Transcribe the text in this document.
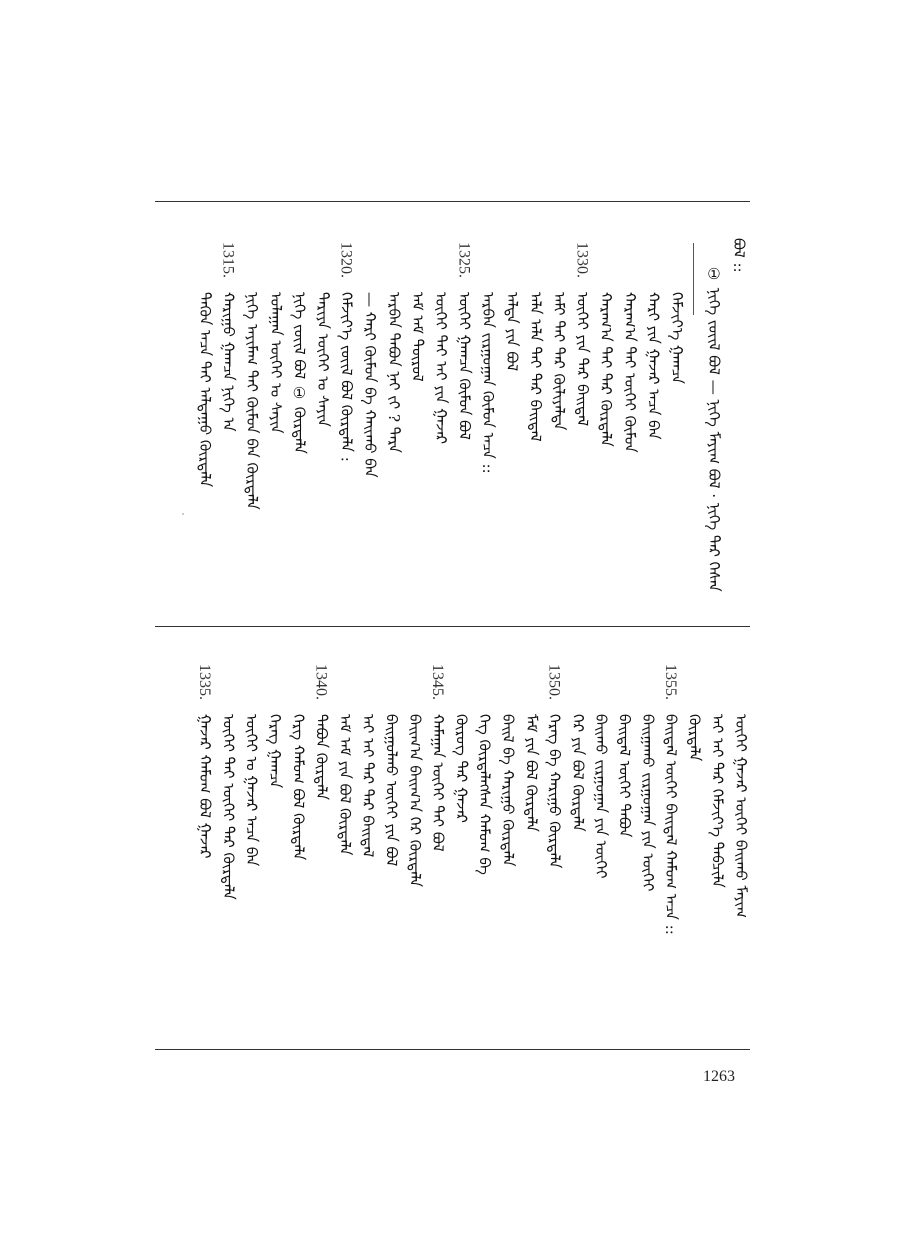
ᠪᠣᠯ ::
① ᠨᠢᠭᠡ ᠵᠦᠢᠯ ᠪᠣᠯ — ᠨᠢᠭᠡ ᠮᠠᠶᠢᠭ ᠪᠣᠯ · ᠨᠢᠭᠡ ᠲᠡᠷ ᠭᠡᠰᠡᠨ
ᠬᠡᠮᠵᠢᠶ᠎ᠡ ᠭᠠᠭᠴᠠ
ᠬᠠᠷᠢ ᠶᠢᠨ ᠭᠠᠵᠠᠷ ᠠᠴᠠ ᠪᠡᠨ
ᠬᠠᠷᠠᠭ᠎ᠠ ᠲᠡᠶ ᠦᠭᠡᠶ ᠬᠦᠮᠦᠨ
ᠬᠠᠷᠠᠭ᠎ᠠ ᠲᠡᠶ ᠲᠡᠷ ᠬᠦᠷᠲᠡᠯᠡ
ᠦᠭᠡᠢ ᠶᠢᠨ ᠲᠡᠷ ᠪᠠᠢᠳᠠᠯ
1330.
ᠠᠮᠢ ᠲᠡᠶ ᠲᠡᠷ ᠬᠦᠯᠢᠶᠡᠯᠲᠡ
ᠠᠯᠠ ᠠᠯᠠ ᠲᠡᠶ ᠲᠡᠷ ᠪᠠᠢᠳᠠᠯ
ᠠᠯᠳᠠ ᠶᠢᠨ ᠪᠣᠯ
ᠠᠷᠪᠠᠨ ᠵᠢᠷᠭᠤᠭᠠᠨ ᠬᠦᠮᠦᠨ ᠠᠴᠠ ::
ᠦᠭᠡᠢ ᠭᠠᠭᠴᠠ ᠬᠦᠮᠦᠨ ᠪᠣᠯ
1325.
ᠦᠭᠡᠢ ᠲᠡᠶ ᠠᠶ ᠶᠢᠨ ᠭᠠᠵᠠᠷ
ᠠᠮ ᠠᠮ ᠲᠦᠷᠦᠯ
ᠠᠷᠪᠠᠨ ᠲᠠᠪᠤᠨ ᠨᠠᠢ ᠵᠢ ? ᠳᠠᠷᠠ
— ᠬᠠᠷᠢ ᠬᠦᠮᠦᠨ ᠪᠠ ᠬᠠᠢᠬᠤ ᠪᠡᠨ
ᠬᠡᠮᠵᠢᠶ᠎ᠡ ᠵᠦᠢᠯ ᠪᠣᠯ ᠬᠦᠷᠲᠡᠯᠡ :
1320.
ᠲᠠᠷᠢᠶᠠ ᠦᠭᠡᠶ ᠤ ᠰᠠᠶᠢᠨ
ᠨᠢᠭᠡ ᠵᠦᠢᠯ ᠪᠣᠯ ① ᠬᠦᠷᠲᠡᠯᠡ
ᠤᠯᠠᠭᠠᠨ ᠦᠭᠡᠶ ᠤ ᠰᠠᠶᠢᠨ
ᠨᠢᠭᠡ ᠠᠶᠢᠮᠠᠭ ᠲᠡᠶ ᠬᠦᠮᠦᠨ ᠪᠠᠨ ᠬᠦᠷᠲᠡᠯᠡ
ᠬᠠᠷᠢᠭᠤ ᠭᠠᠭᠴᠠ ᠨᠢᠭᠡ ᠠ
1315.
ᠲᠡᠭᠦᠨ ᠠᠴᠠ ᠲᠡᠶ ᠠᠯᠳᠠᠭᠤ ᠬᠦᠷᠲᠡᠯᠡ
ᠦᠭᠡᠢ ᠭᠠᠵᠠᠷ ᠦᠭᠡᠢ ᠪᠠᠢᠬᠤ ᠮᠠᠶᠢᠭ
ᠠᠢ ᠠᠢ ᠲᠡᠷ ᠬᠡᠮᠵᠢᠶ᠎ᠡ ᠲᠡᠪᠴᠢᠯᠡ
ᠬᠦᠷᠲᠡᠯᠡ
ᠪᠠᠢᠳᠠᠯ ᠦᠭᠡᠢ ᠪᠠᠢᠳᠠᠯ ᠬᠠᠮᠤᠭ ᠠᠴᠠ ::
1355.
ᠪᠠᠢᠭᠠᠬᠤ ᠵᠢᠷᠭᠤᠭᠠᠨ ᠶᠢᠨ ᠦᠭᠡᠶ
ᠪᠠᠢᠳᠠᠯ ᠦᠭᠡᠢ ᠲᠠᠪᠤᠨ
ᠪᠠᠢᠬᠤ ᠵᠢᠷᠭᠤᠭᠠᠨ ᠶᠢᠨ ᠦᠭᠡᠢ
ᠬᠡᠷ ᠶᠢᠨ ᠪᠣᠯ ᠬᠦᠷᠲᠡᠯᠡ
ᠬᠡᠷᠡᠭ ᠪᠠ ᠬᠠᠷᠢᠭᠤ ᠬᠦᠷᠲᠡᠯᠡ
1350.
ᠮᠠᠮ ᠶᠢᠨ ᠪᠣᠯ ᠬᠦᠷᠲᠡᠯᠡ
ᠪᠠᠢᠯ ᠪᠠ ᠬᠠᠷᠢᠭᠤ ᠬᠦᠷᠲᠡᠯᠡ
ᠬᠡᠭ ᠬᠦᠷᠲᠡᠯᠡᠭᠰᠡᠨ ᠬᠠᠮᠤᠭ ᠪᠠ
ᠬᠦᠷᠦᠭ ᠲᠡᠷ ᠭᠠᠵᠠᠷ
ᠬᠠᠮᠠᠭᠠᠨ ᠦᠭᠡᠶ ᠲᠡᠶ ᠪᠣᠯ
1345.
ᠪᠠᠢᠭ᠎ᠠ ᠪᠠᠢᠭ᠎ᠠ ᠬᠡᠷ ᠬᠦᠷᠲᠡᠯᠡ
ᠪᠠᠢᠭᠤᠯᠬᠤ ᠦᠭᠡᠶ ᠶᠢᠨ ᠪᠣᠯ
ᠠᠢ ᠠᠢ ᠲᠡᠷ ᠲᠡᠷ ᠪᠠᠢᠳᠠᠯ
ᠠᠮ ᠠᠮ ᠶᠢᠨ ᠪᠣᠯ ᠬᠦᠷᠲᠡᠯᠡ
ᠲᠠᠪᠤᠨ ᠬᠦᠷᠲᠡᠯᠡ
1340.
ᠬᠡᠷᠭ ᠬᠠᠮᠤᠭ ᠪᠣᠯ ᠬᠦᠷᠲᠡᠯᠡ
ᠬᠡᠷᠡᠭ ᠭᠠᠭᠴᠠ
ᠦᠭᠡᠢ ᠤ ᠭᠠᠵᠠᠷ ᠠᠴᠠ ᠪᠡᠨ
ᠦᠭᠡᠢ ᠲᠡᠶ ᠦᠭᠡᠶ ᠲᠡᠷ ᠬᠦᠷᠲᠡᠯᠡ
ᠭᠠᠵᠠᠷ ᠬᠠᠮᠤᠭ ᠪᠣᠯ ᠭᠠᠵᠠᠷ
1335.
1263
